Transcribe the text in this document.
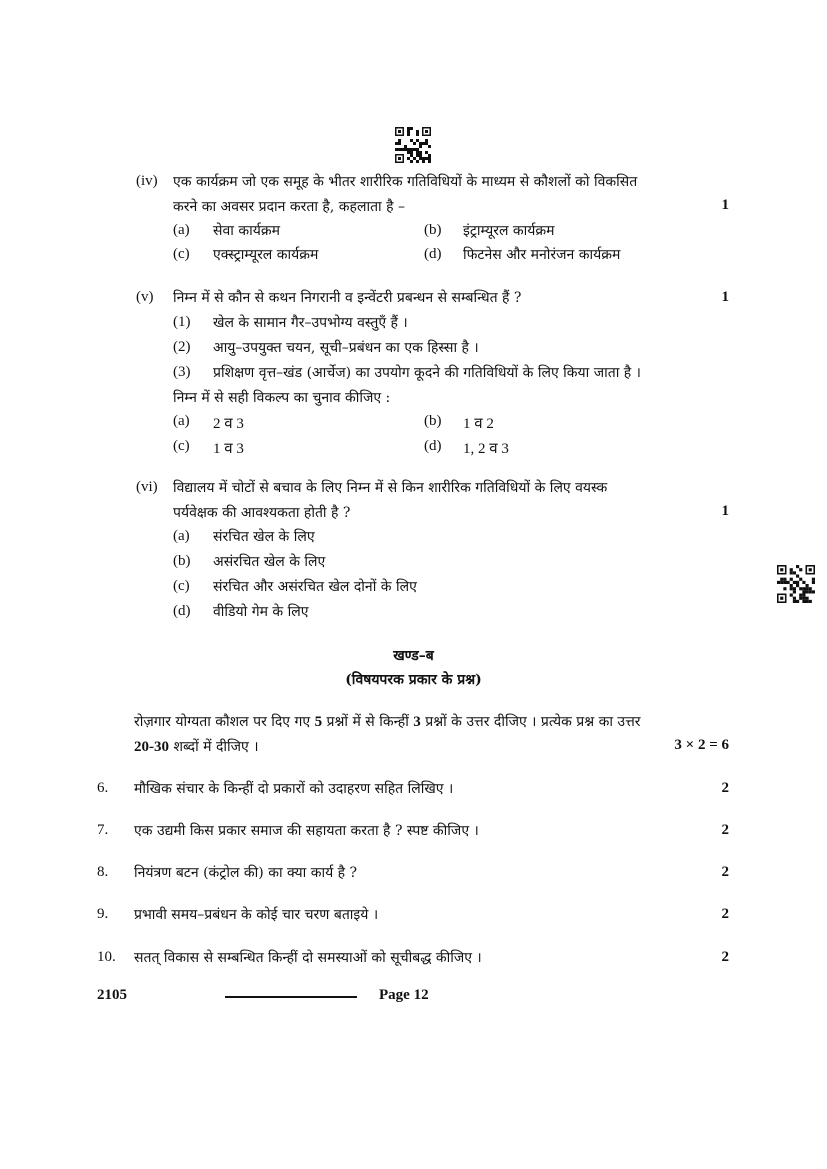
(iv) एक कार्यक्रम जो एक समूह के भीतर शारीरिक गतिविधियों के माध्यम से कौशलों को विकसित
करने का अवसर प्रदान करता है, कहलाता है –	1
(a) सेवा कार्यक्रम	(b) इंट्राम्यूरल कार्यक्रम
(c) एक्स्ट्राम्यूरल कार्यक्रम	(d) फिटनेस और मनोरंजन कार्यक्रम
(v) निम्न में से कौन से कथन निगरानी व इन्वेंटरी प्रबन्धन से सम्बन्धित हैं ?	1
(1) खेल के सामान गैर–उपभोग्य वस्तुएँ हैं ।
(2) आयु–उपयुक्त चयन, सूची–प्रबंधन का एक हिस्सा है ।
(3) प्रशिक्षण वृत्त–खंड (आर्चेज) का उपयोग कूदने की गतिविधियों के लिए किया जाता है ।
निम्न में से सही विकल्प का चुनाव कीजिए :
(a) 2 व 3	(b) 1 व 2
(c) 1 व 3	(d) 1, 2 व 3
(vi) विद्यालय में चोटों से बचाव के लिए निम्न में से किन शारीरिक गतिविधियों के लिए वयस्क
पर्यवेक्षक की आवश्यकता होती है ?	1
(a) संरचित खेल के लिए
(b) असंरचित खेल के लिए
(c) संरचित और असंरचित खेल दोनों के लिए
(d) वीडियो गेम के लिए
खण्ड–ब
(विषयपरक प्रकार के प्रश्न)
रोज़गार योग्यता कौशल पर दिए गए 5 प्रश्नों में से किन्हीं 3 प्रश्नों के उत्तर दीजिए । प्रत्येक प्रश्न का उत्तर
20-30 शब्दों में दीजिए ।	3 × 2 = 6
6. मौखिक संचार के किन्हीं दो प्रकारों को उदाहरण सहित लिखिए ।	2
7. एक उद्यमी किस प्रकार समाज की सहायता करता है ? स्पष्ट कीजिए ।	2
8. नियंत्रण बटन (कंट्रोल की) का क्या कार्य है ?	2
9. प्रभावी समय–प्रबंधन के कोई चार चरण बताइये ।	2
10. सतत् विकास से सम्बन्धित किन्हीं दो समस्याओं को सूचीबद्ध कीजिए ।	2
2105	Page 12
